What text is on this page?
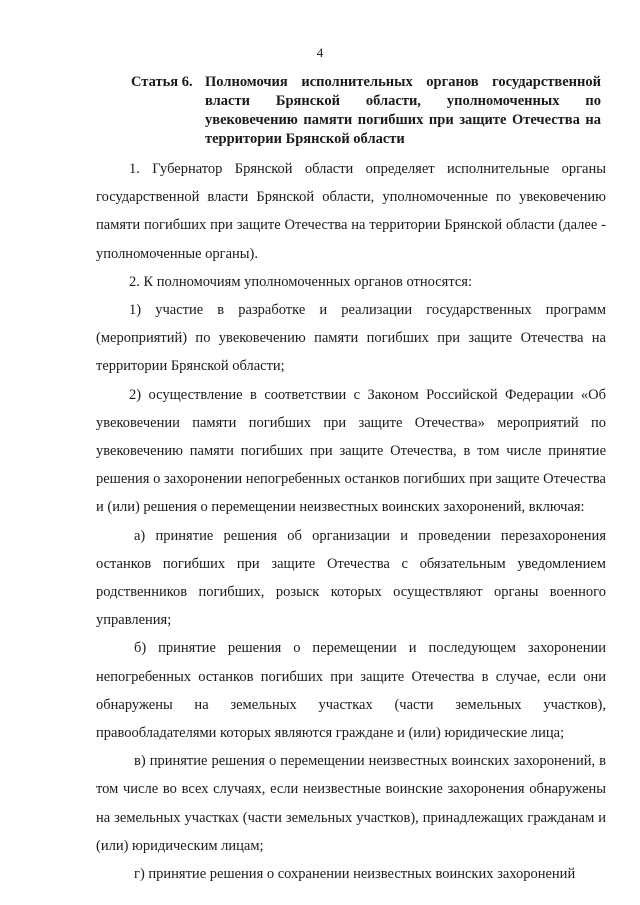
4
Статья 6. Полномочия исполнительных органов государственной власти Брянской области, уполномоченных по увековечению памяти погибших при защите Отечества на территории Брянской области

1. Губернатор Брянской области определяет исполнительные органы государственной власти Брянской области, уполномоченные по увековечению памяти погибших при защите Отечества на территории Брянской области (далее - уполномоченные органы).

2. К полномочиям уполномоченных органов относятся:

1) участие в разработке и реализации государственных программ (мероприятий) по увековечению памяти погибших при защите Отечества на территории Брянской области;

2) осуществление в соответствии с Законом Российской Федерации «Об увековечении памяти погибших при защите Отечества» мероприятий по увековечению памяти погибших при защите Отечества, в том числе принятие решения о захоронении непогребенных останков погибших при защите Отечества и (или) решения о перемещении неизвестных воинских захоронений, включая:

а) принятие решения об организации и проведении перезахоронения останков погибших при защите Отечества с обязательным уведомлением родственников погибших, розыск которых осуществляют органы военного управления;

б) принятие решения о перемещении и последующем захоронении непогребенных останков погибших при защите Отечества в случае, если они обнаружены на земельных участках (части земельных участков), правообладателями которых являются граждане и (или) юридические лица;

в) принятие решения о перемещении неизвестных воинских захоронений, в том числе во всех случаях, если неизвестные воинские захоронения обнаружены на земельных участках (части земельных участков), принадлежащих гражданам и (или) юридическим лицам;

г) принятие решения о сохранении неизвестных воинских захоронений
